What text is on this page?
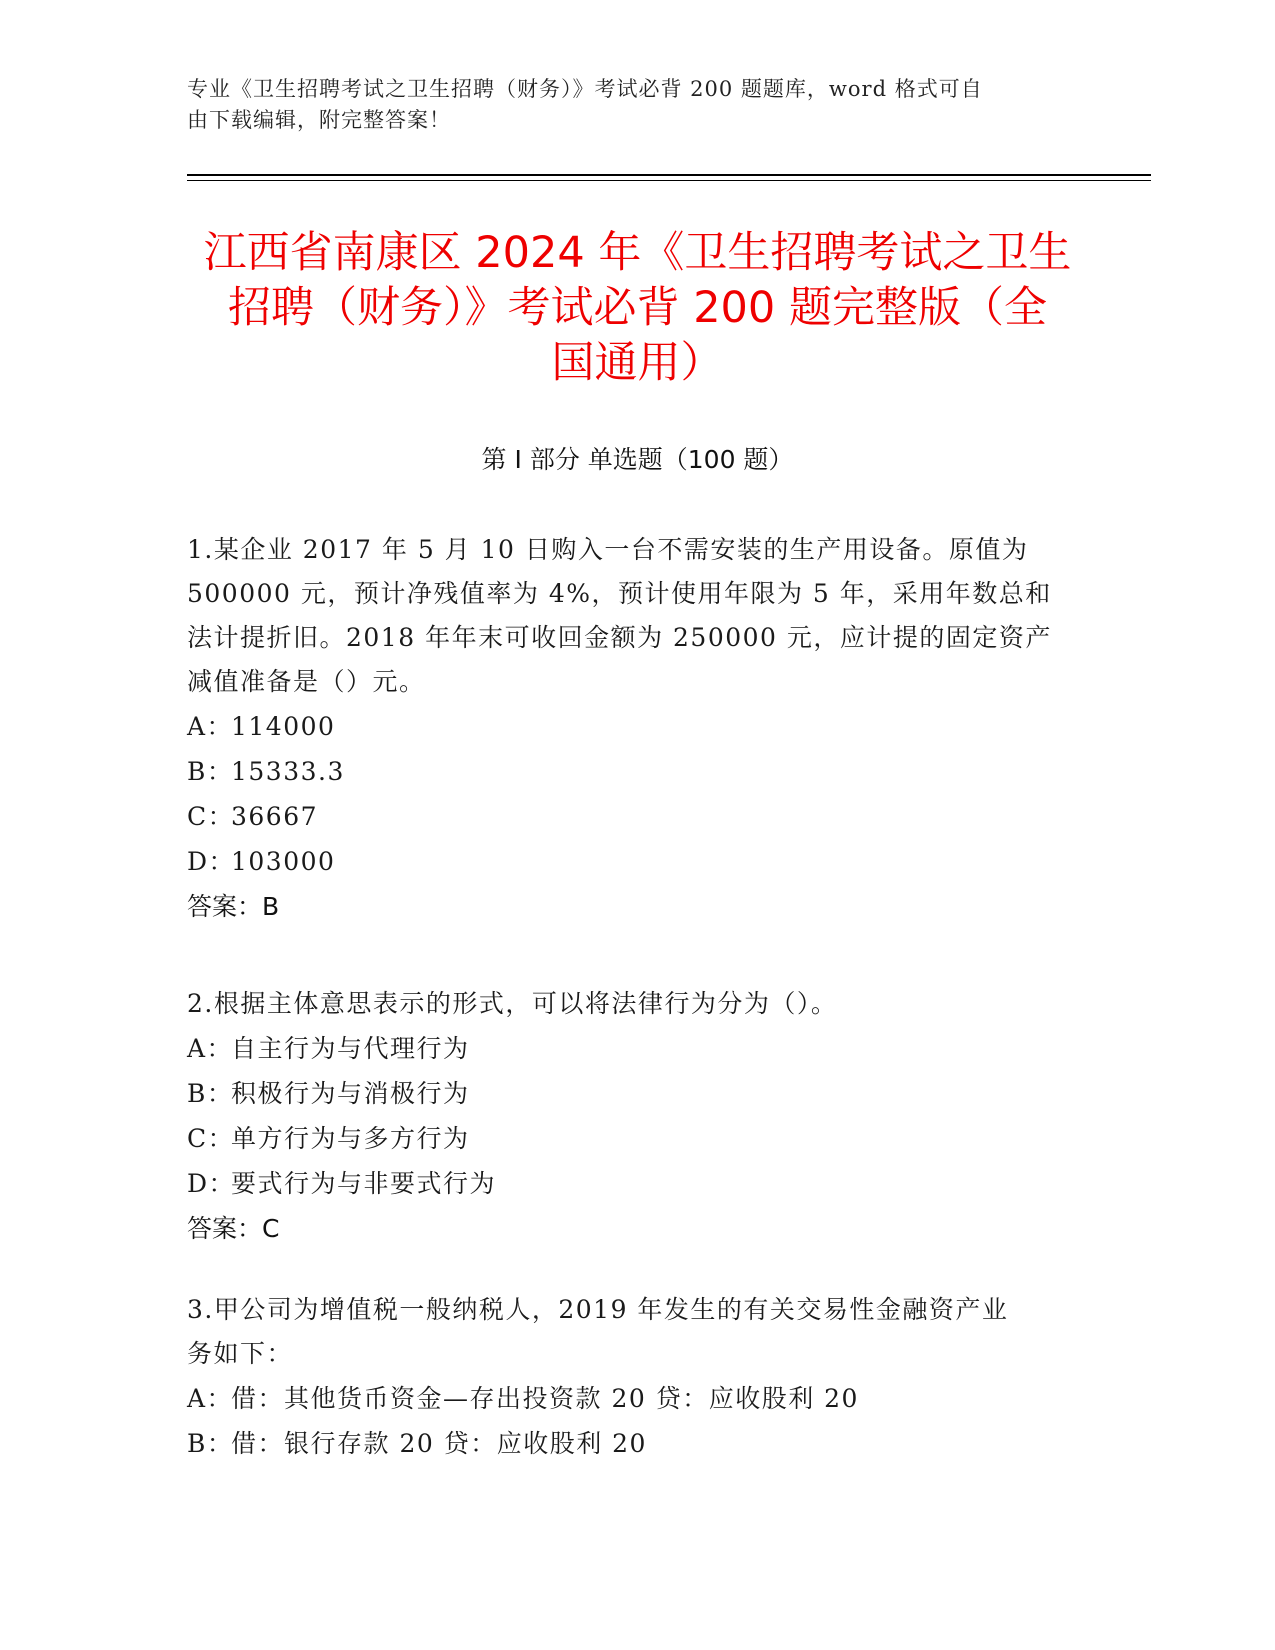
专业《卫生招聘考试之卫生招聘（财务）》考试必背 200 题题库，word 格式可自
由下载编辑，附完整答案！
江西省南康区 2024 年《卫生招聘考试之卫生
招聘（财务）》考试必背 200 题完整版（全
国通用）
第 I 部分 单选题（100 题）

1.某企业 2017 年 5 月 10 日购入一台不需安装的生产用设备。原值为

500000 元，预计净残值率为 4%，预计使用年限为 5 年，采用年数总和

法计提折旧。2018 年年末可收回金额为 250000 元，应计提的固定资产

减值准备是（）元。

A：114000

B：15333.3

C：36667

D：103000

答案：B

2.根据主体意思表示的形式，可以将法律行为分为（）。

A：自主行为与代理行为

B：积极行为与消极行为

C：单方行为与多方行为

D：要式行为与非要式行为

答案：C

3.甲公司为增值税一般纳税人，2019 年发生的有关交易性金融资产业

务如下：

A：借：其他货币资金—存出投资款 20 贷：应收股利 20

B：借：银行存款 20 贷：应收股利 20
